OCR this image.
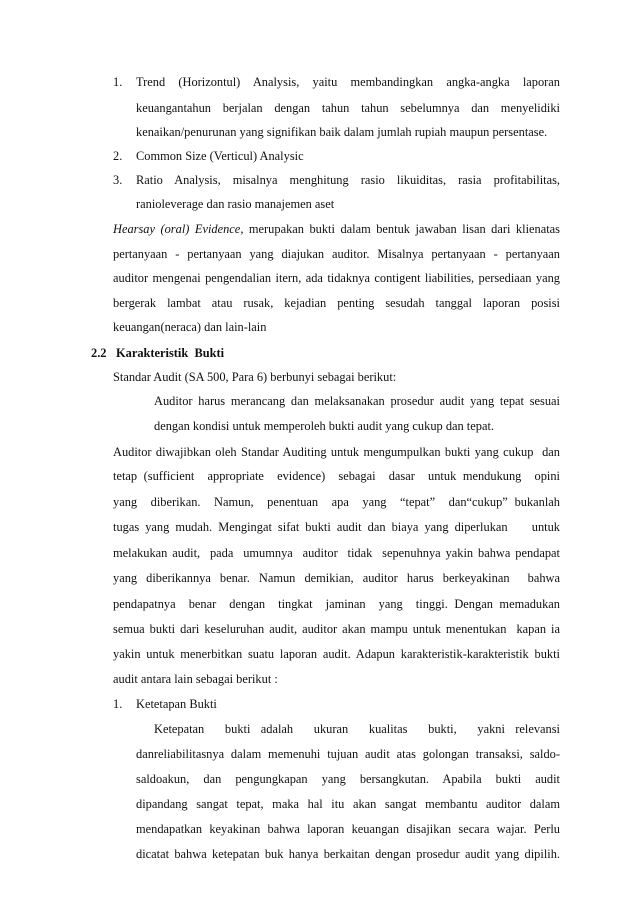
1. Trend (Horizontul) Analysis, yaitu membandingkan angka-angka laporan
keuangantahun berjalan dengan tahun tahun sebelumnya dan menyelidiki
kenaikan/penurunan yang signifikan baik dalam jumlah rupiah maupun persentase.
2. Common Size (Verticul) Analysic
3. Ratio Analysis, misalnya menghitung rasio likuiditas, rasia profitabilitas,
ranioleverage dan rasio manajemen aset
Hearsay (oral) Evidence, merupakan bukti dalam bentuk jawaban lisan dari klienatas
pertanyaan - pertanyaan yang diajukan auditor. Misalnya pertanyaan - pertanyaan
auditor mengenai pengendalian itern, ada tidaknya contigent liabilities, persediaan yang
bergerak lambat atau rusak, kejadian penting sesudah tanggal laporan posisi
keuangan(neraca) dan lain-lain
2.2 Karakteristik  Bukti
Standar Audit (SA 500, Para 6) berbunyi sebagai berikut:
Auditor harus merancang dan melaksanakan prosedur audit yang tepat sesuai
dengan kondisi untuk memperoleh bukti audit yang cukup dan tepat.
Auditor diwajibkan oleh Standar Auditing untuk mengumpulkan bukti yang cukup  dan
tetap (sufficient  appropriate  evidence)  sebagai  dasar  untuk mendukung  opini
yang  diberikan.  Namun,  penentuan  apa  yang  “tepat”  dan“cukup” bukanlah
tugas yang mudah. Mengingat sifat bukti audit dan biaya yang diperlukan    untuk
melakukan audit,  pada  umumnya  auditor  tidak  sepenuhnya yakin bahwa pendapat
yang  diberikannya  benar.  Namun  demikian,  auditor  harus  berkeyakinan    bahwa
pendapatnya  benar  dengan  tingkat  jaminan  yang  tinggi. Dengan memadukan
semua bukti dari keseluruhan audit, auditor akan mampu untuk menentukan  kapan ia
yakin untuk menerbitkan suatu laporan audit. Adapun karakteristik-karakteristik bukti
audit antara lain sebagai berikut :
1. Ketetapan Bukti
Ketepatan    bukti  adalah    ukuran    kualitas    bukti,    yakni  relevansi
danreliabilitasnya dalam memenuhi tujuan audit atas golongan transaksi, saldo-
saldoakun,  dan  pengungkapan  yang  bersangkutan.  Apabila  bukti  audit
dipandang sangat tepat, maka hal itu akan sangat membantu auditor dalam
mendapatkan keyakinan bahwa laporan keuangan disajikan secara wajar. Perlu
dicatat bahwa ketepatan buk hanya berkaitan dengan prosedur audit yang dipilih.
